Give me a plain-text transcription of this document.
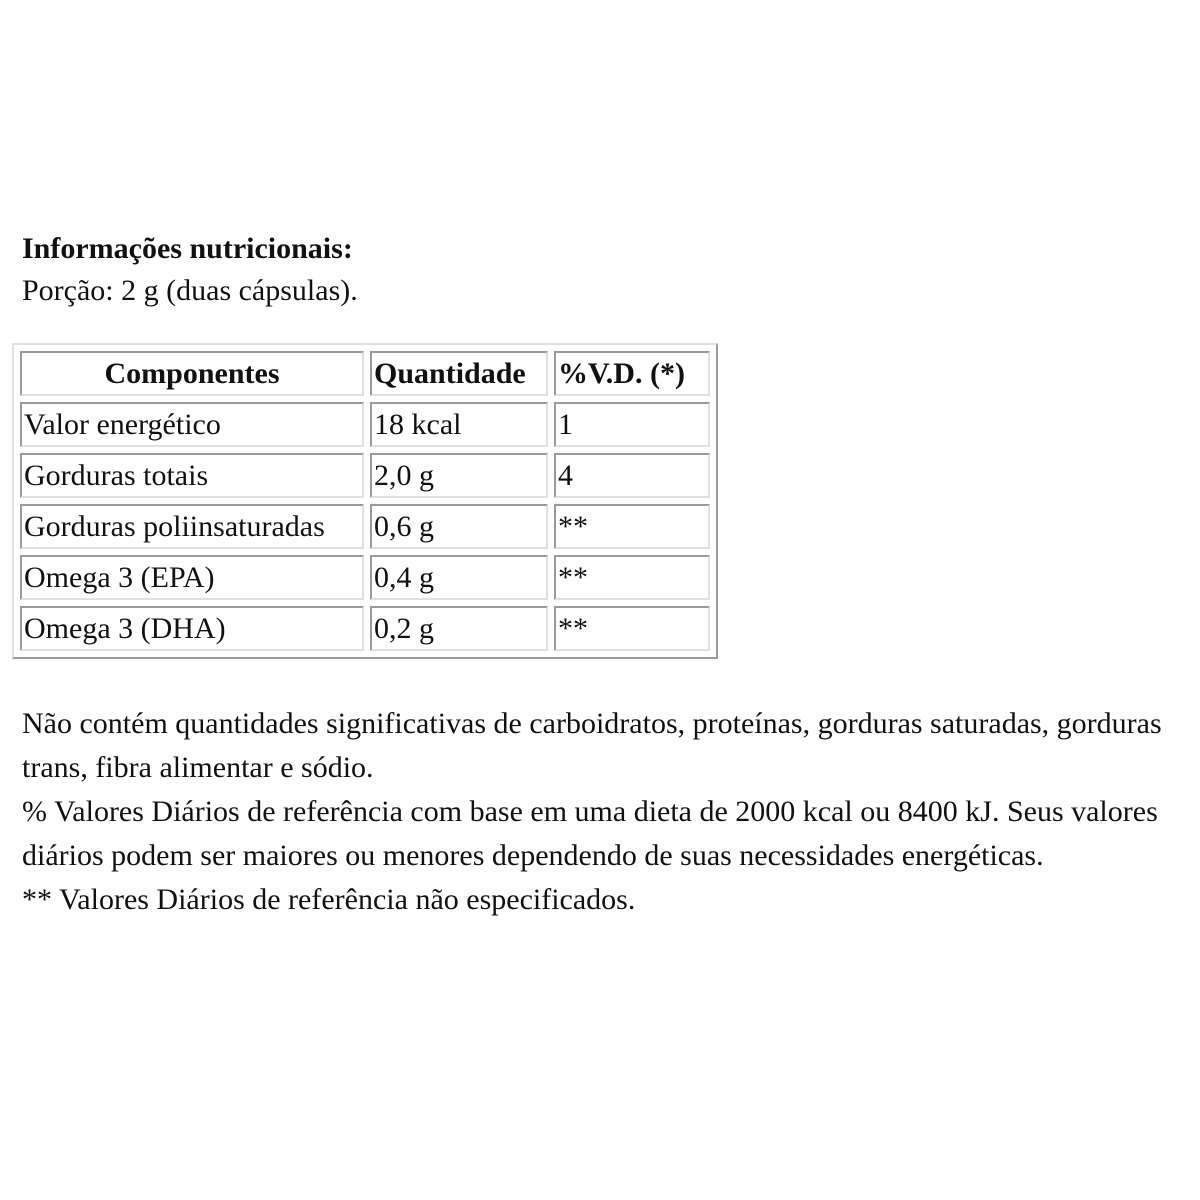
Informações nutricionais:
Porção: 2 g (duas cápsulas).
Componentes	Quantidade	%V.D. (*)
Valor energético	18 kcal	1
Gorduras totais	2,0 g	4
Gorduras poliinsaturadas	0,6 g	**
Omega 3 (EPA)	0,4 g	**
Omega 3 (DHA)	0,2 g	**

Não contém quantidades significativas de carboidratos, proteínas, gorduras saturadas, gorduras trans, fibra alimentar e sódio.

% Valores Diários de referência com base em uma dieta de 2000 kcal ou 8400 kJ. Seus valores diários podem ser maiores ou menores dependendo de suas necessidades energéticas.

** Valores Diários de referência não especificados.
